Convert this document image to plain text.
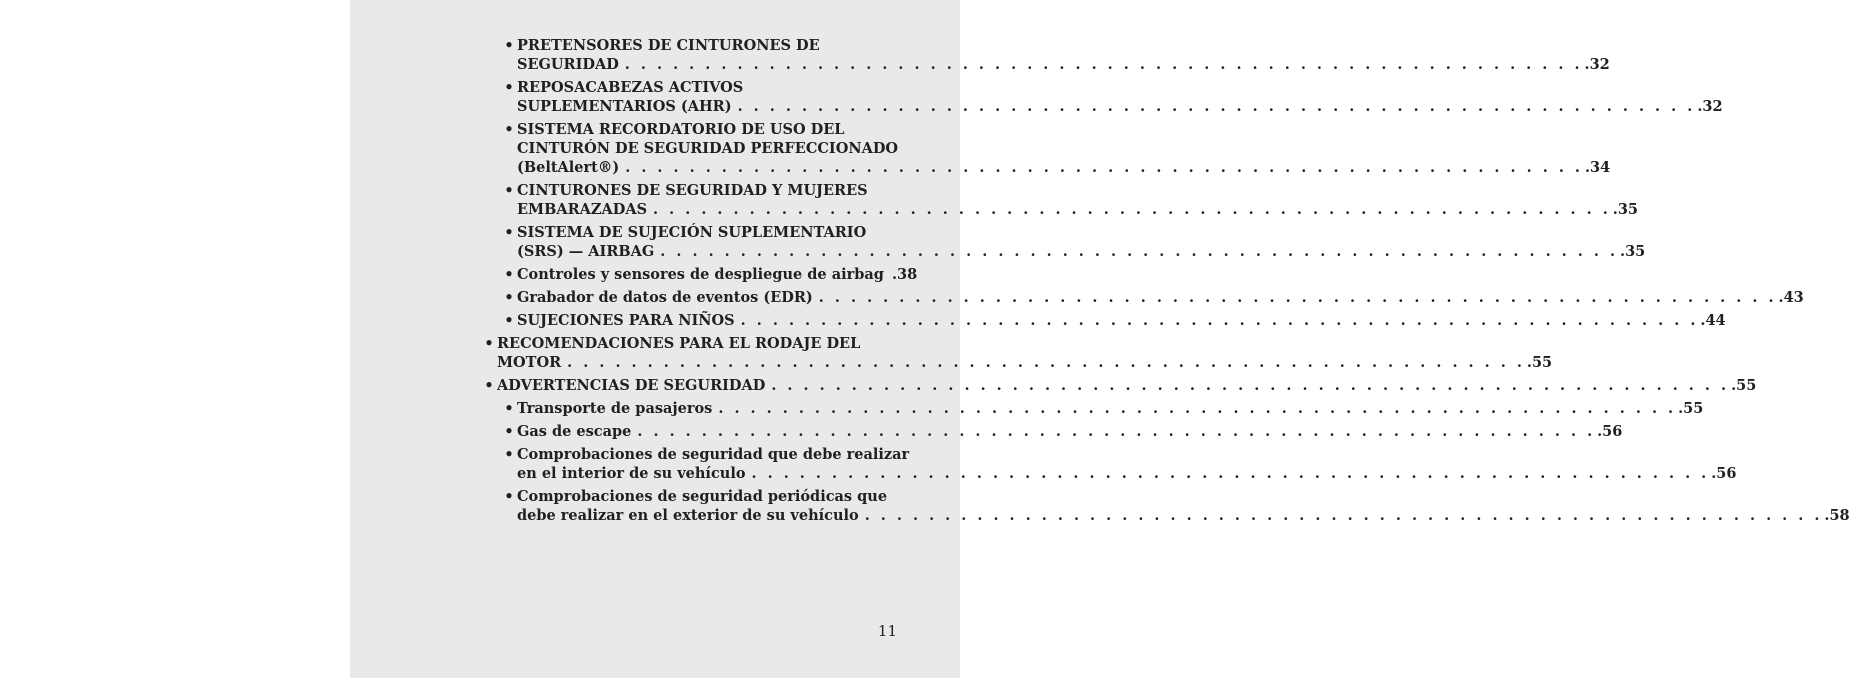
• PRETENSORES DE CINTURONES DE
SEGURIDAD . . . . . . . . . . . . . . . . . . . . . . . . . . . . . . . . . . . . . . . . . . . . . . . . . . . . . . . . . . . . .32
• REPOSACABEZAS ACTIVOS
SUPLEMENTARIOS (AHR) . . . . . . . . . . . . . . . . . . . . . . . . . . . . . . . . . . . . . . . . . . . . . . . . . . . . . . . . . . . . .32
• SISTEMA RECORDATORIO DE USO DEL
CINTURÓN DE SEGURIDAD PERFECCIONADO
(BeltAlert®) . . . . . . . . . . . . . . . . . . . . . . . . . . . . . . . . . . . . . . . . . . . . . . . . . . . . . . . . . . . . .34
• CINTURONES DE SEGURIDAD Y MUJERES
EMBARAZADAS . . . . . . . . . . . . . . . . . . . . . . . . . . . . . . . . . . . . . . . . . . . . . . . . . . . . . . . . . . . . .35
• SISTEMA DE SUJECIÓN SUPLEMENTARIO
(SRS) — AIRBAG . . . . . . . . . . . . . . . . . . . . . . . . . . . . . . . . . . . . . . . . . . . . . . . . . . . . . . . . . . . . .35
• Controles y sensores de despliegue de airbag .38
• Grabador de datos de eventos (EDR) . . . . . . . . . . . . . . . . . . . . . . . . . . . . . . . . . . . . . . . . . . . . . . . . . . . . . . . . . . . . .43
• SUJECIONES PARA NIÑOS . . . . . . . . . . . . . . . . . . . . . . . . . . . . . . . . . . . . . . . . . . . . . . . . . . . . . . . . . . . . .44
• RECOMENDACIONES PARA EL RODAJE DEL
MOTOR . . . . . . . . . . . . . . . . . . . . . . . . . . . . . . . . . . . . . . . . . . . . . . . . . . . . . . . . . . . . .55
• ADVERTENCIAS DE SEGURIDAD . . . . . . . . . . . . . . . . . . . . . . . . . . . . . . . . . . . . . . . . . . . . . . . . . . . . . . . . . . . . .55
• Transporte de pasajeros . . . . . . . . . . . . . . . . . . . . . . . . . . . . . . . . . . . . . . . . . . . . . . . . . . . . . . . . . . . . .55
• Gas de escape . . . . . . . . . . . . . . . . . . . . . . . . . . . . . . . . . . . . . . . . . . . . . . . . . . . . . . . . . . . . .56
• Comprobaciones de seguridad que debe realizar
en el interior de su vehículo . . . . . . . . . . . . . . . . . . . . . . . . . . . . . . . . . . . . . . . . . . . . . . . . . . . . . . . . . . . . .56
• Comprobaciones de seguridad periódicas que
debe realizar en el exterior de su vehículo . . . . . . . . . . . . . . . . . . . . . . . . . . . . . . . . . . . . . . . . . . . . . . . . . . . . . . . . . . . . .58
11
